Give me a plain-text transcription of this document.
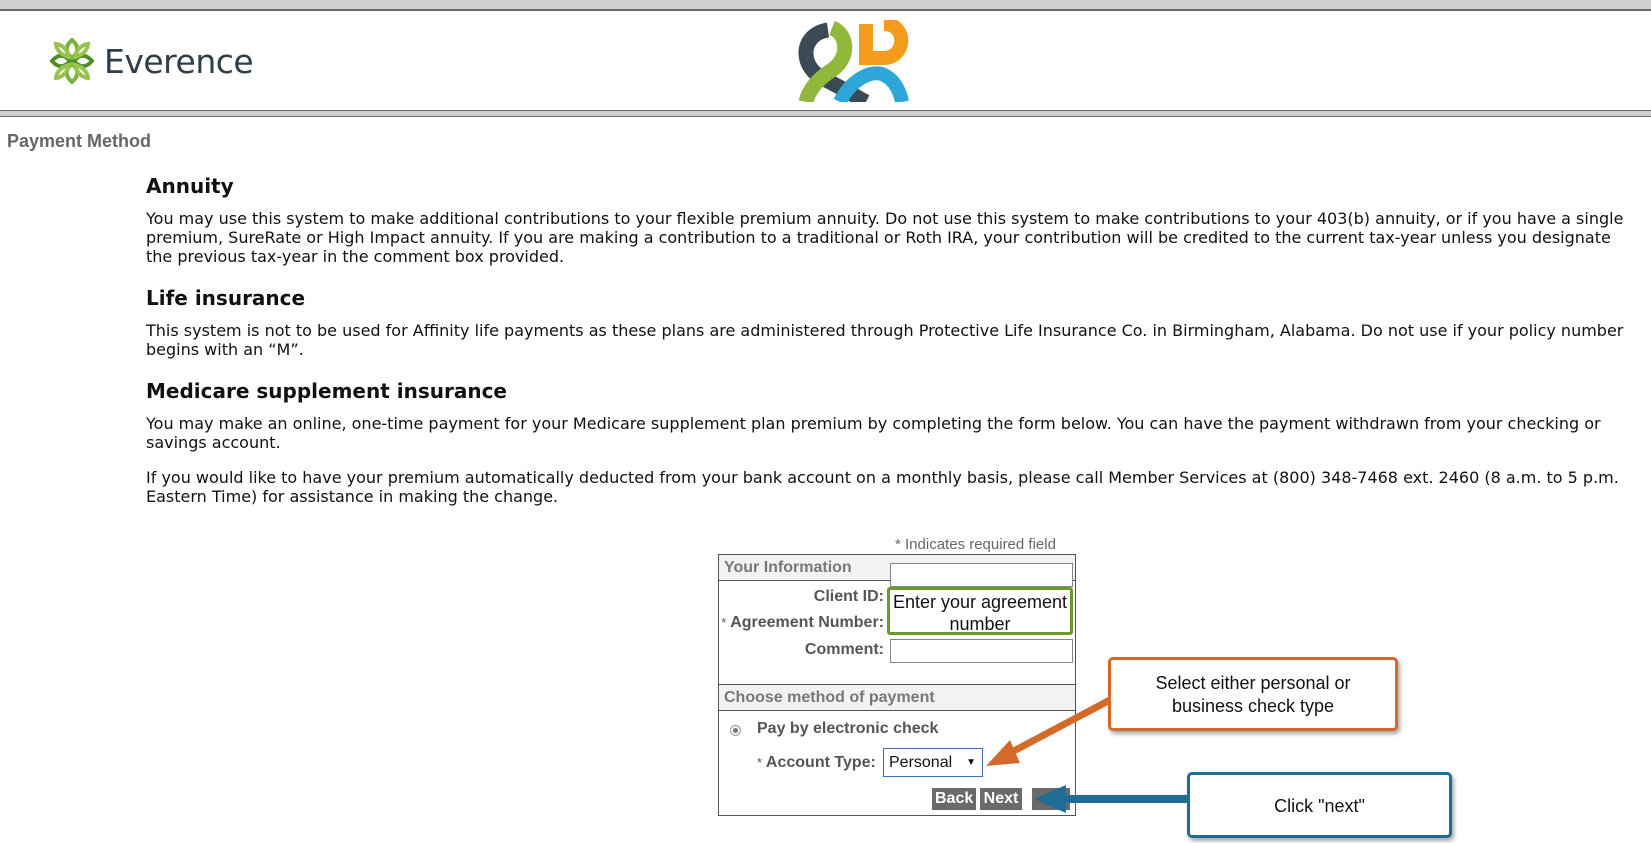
Everence
Payment Method
Annuity

You may use this system to make additional contributions to your flexible premium annuity. Do not use this system to make contributions to your 403(b) annuity, or if you have a single premium, SureRate or High Impact annuity. If you are making a contribution to a traditional or Roth IRA, your contribution will be credited to the current tax-year unless you designate the previous tax-year in the comment box provided.

Life insurance

This system is not to be used for Affinity life payments as these plans are administered through Protective Life Insurance Co. in Birmingham, Alabama. Do not use if your policy number begins with an “M”.

Medicare supplement insurance

You may make an online, one-time payment for your Medicare supplement plan premium by completing the form below. You can have the payment withdrawn from your checking or savings account.

If you would like to have your premium automatically deducted from your bank account on a monthly basis, please call Member Services at (800) 348-7468 ext. 2460 (8 a.m. to 5 p.m. Eastern Time) for assistance in making the change.

* Indicates required field
Your Information
Client ID:
* Agreement Number:
Comment:
Choose method of payment
Pay by electronic check
* Account Type: Personal ▼
Back Next
Enter your agreement number
Select either personal or business check type
Click "next"
